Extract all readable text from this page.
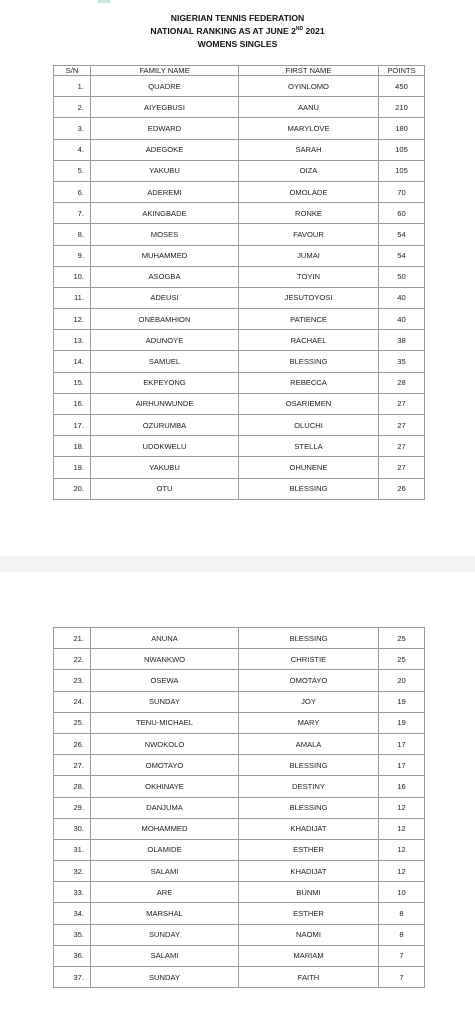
NIGERIAN TENNIS FEDERATION
NATIONAL RANKING AS AT JUNE 2ND 2021
WOMENS SINGLES
S/N	FAMILY NAME	FIRST NAME	POINTS
1.	QUADRE	OYINLOMO	450
2.	AIYEGBUSI	AANU	210
3.	EDWARD	MARYLOVE	180
4.	ADEGOKE	SARAH	105
5.	YAKUBU	OIZA	105
6.	ADEREMI	OMOLADE	70
7.	AKINGBADE	RONKE	60
8.	MOSES	FAVOUR	54
9.	MUHAMMED	JUMAI	54
10.	ASOGBA	TOYIN	50
11.	ADEUSI	JESUTOYOSI	40
12.	ONEBAMHION	PATIENCE	40
13.	ADUNOYE	RACHAEL	38
14.	SAMUEL	BLESSING	35
15.	EKPEYONG	REBECCA	28
16.	AIRHUNWUNDE	OSARIEMEN	27
17.	OZURUMBA	OLUCHI	27
18.	UDOKWELU	STELLA	27
19.	YAKUBU	OHUNENE	27
20.	OTU	BLESSING	26
21.	ANUNA	BLESSING	25
22.	NWANKWO	CHRISTIE	25
23.	OSEWA	OMOTAYO	20
24.	SUNDAY	JOY	19
25.	TENU-MICHAEL	MARY	19
26.	NWOKOLO	AMALA	17
27.	OMOTAYO	BLESSING	17
28.	OKHINAYE	DESTINY	16
29.	DANJUMA	BLESSING	12
30.	MOHAMMED	KHADIJAT	12
31.	OLAMIDE	ESTHER	12
32.	SALAMI	KHADIJAT	12
33.	ARE	BUNMI	10
34.	MARSHAL	ESTHER	8
35.	SUNDAY	NAOMI	8
36.	SALAMI	MARIAM	7
37.	SUNDAY	FAITH	7
